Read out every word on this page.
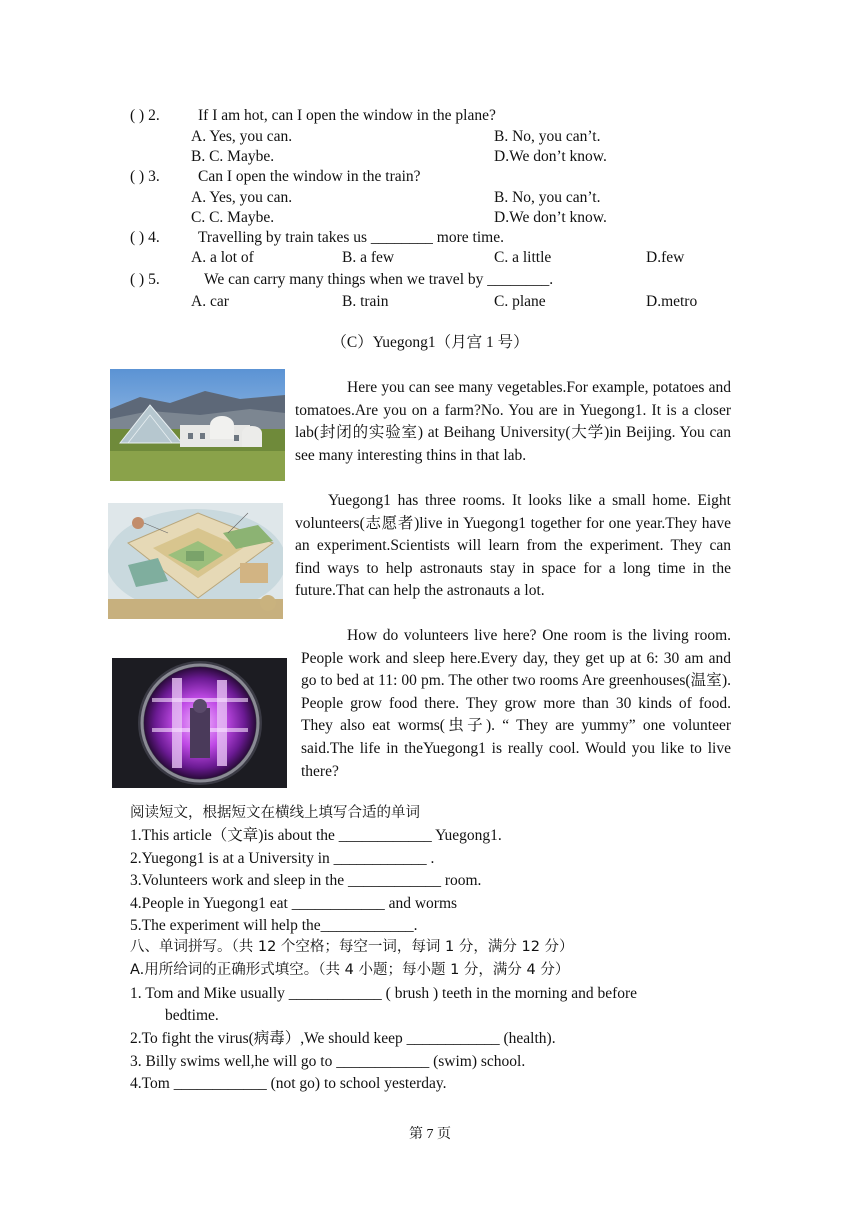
( ) 2. If I am hot, can I open the window in the plane?
A. Yes, you can.	B. No, you can’t.
B. C. Maybe.	D.We don’t know.
( ) 3. Can I open the window in the train?
A. Yes, you can.	B. No, you can’t.
C. C. Maybe.	D.We don’t know.
( ) 4. Travelling by train takes us ________ more time.
A. a lot of	B. a few	C. a little	D.few
( ) 5.	We can carry many things when we travel by ________.
A. car	B. train	C. plane	D.metro
（C）Yuegong1（月宫 1 号）
Here you can see many vegetables.For example, potatoes and tomatoes.Are you on a farm?No. You are in Yuegong1. It is a closer lab(封闭的实验室) at Beihang University(大学)in Beijing. You can see many interesting thins in that lab.
Yuegong1 has three rooms. It looks like a small home. Eight volunteers(志愿者)live in Yuegong1 together for one year.They have an experiment.Scientists will learn from the experiment. They can find ways to help astronauts stay in space for a long time in the future.That can help the astronauts a lot.
How do volunteers live here? One room is the living room. People work and sleep here.Every day, they get up at 6: 30 am and go to bed at 11: 00 pm. The other two rooms Are greenhouses(温室). People grow food there. They grow more than 30 kinds of food. They also eat worms(虫子). “ They are yummy” one volunteer said.The life in theYuegong1 is really cool. Would you like to live there?
阅读短文，根据短文在横线上填写合适的单词
1.This article（文章)is about the ____________ Yuegong1.
2.Yuegong1 is at a University in ____________ .
3.Volunteers work and sleep in the ____________ room.
4.People in Yuegong1 eat ____________ and worms
5.The experiment will help the____________.
八、单词拼写。（共 12 个空格；每空一词，每词 1 分，满分 12 分）
A.用所给词的正确形式填空。（共 4 小题；每小题 1 分，满分 4 分）
1. Tom and Mike usually ____________ ( brush ) teeth in the morning and before
bedtime.
2.To fight the virus(病毒）,We should keep ____________ (health).
3. Billy swims well,he will go to ____________ (swim) school.
4.Tom ____________ (not go) to school yesterday.
第 7 页
